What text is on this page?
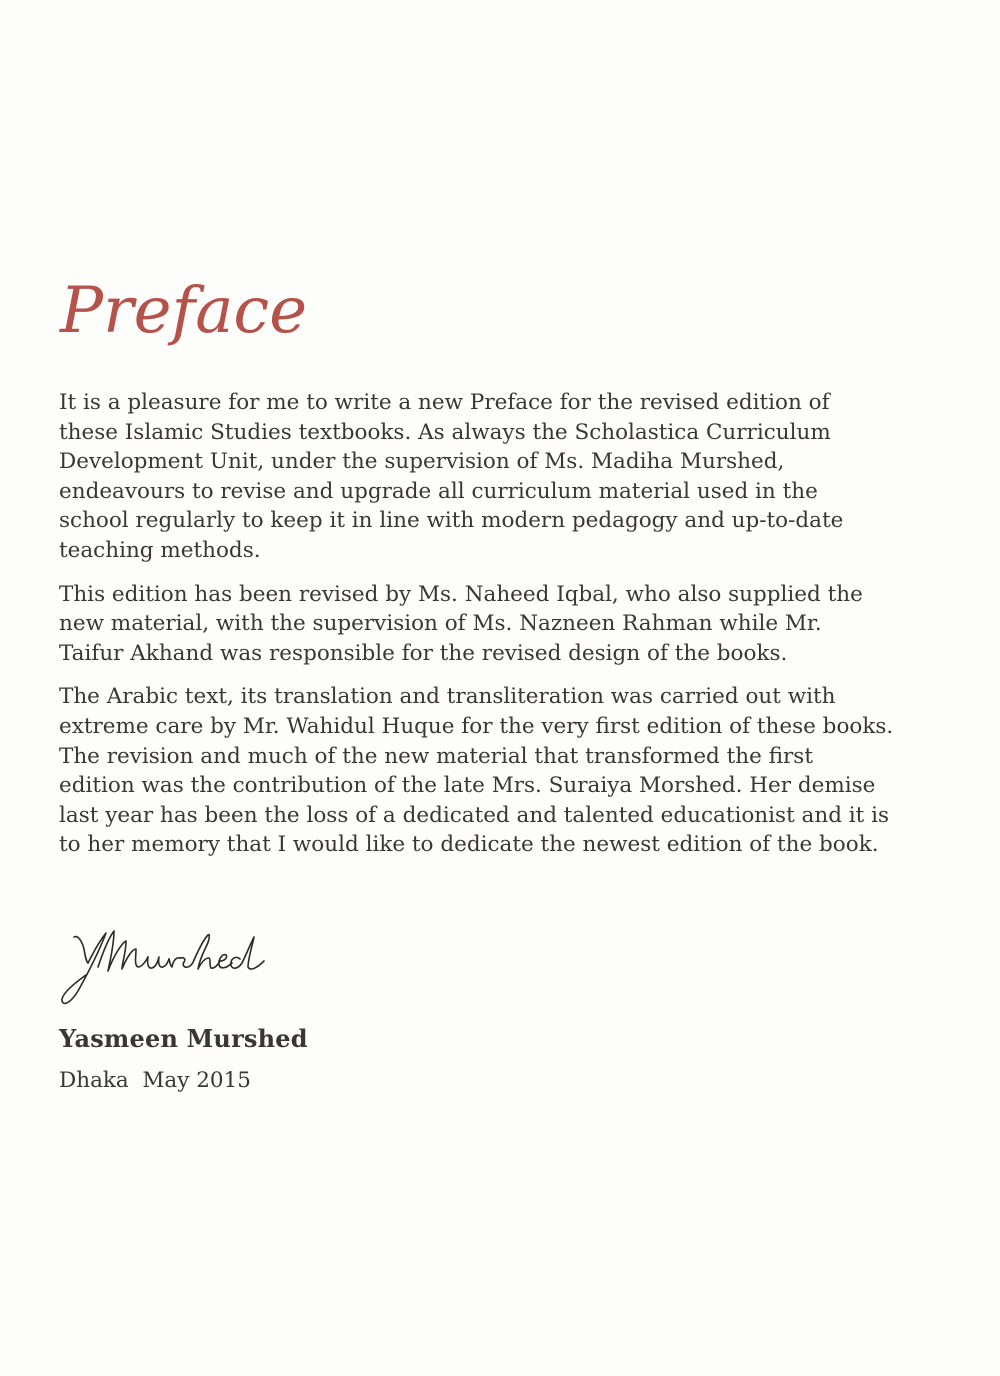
Preface

It is a pleasure for me to write a new Preface for the revised edition of
these Islamic Studies textbooks. As always the Scholastica Curriculum
Development Unit, under the supervision of Ms. Madiha Murshed,
endeavours to revise and upgrade all curriculum material used in the
school regularly to keep it in line with modern pedagogy and up-to-date
teaching methods.

This edition has been revised by Ms. Naheed Iqbal, who also supplied the
new material, with the supervision of Ms. Nazneen Rahman while Mr.
Taifur Akhand was responsible for the revised design of the books.

The Arabic text, its translation and transliteration was carried out with
extreme care by Mr. Wahidul Huque for the very first edition of these books.
The revision and much of the new material that transformed the first
edition was the contribution of the late Mrs. Suraiya Morshed. Her demise
last year has been the loss of a dedicated and talented educationist and it is
to her memory that I would like to dedicate the newest edition of the book.

Yasmeen Murshed
Dhaka  May 2015
